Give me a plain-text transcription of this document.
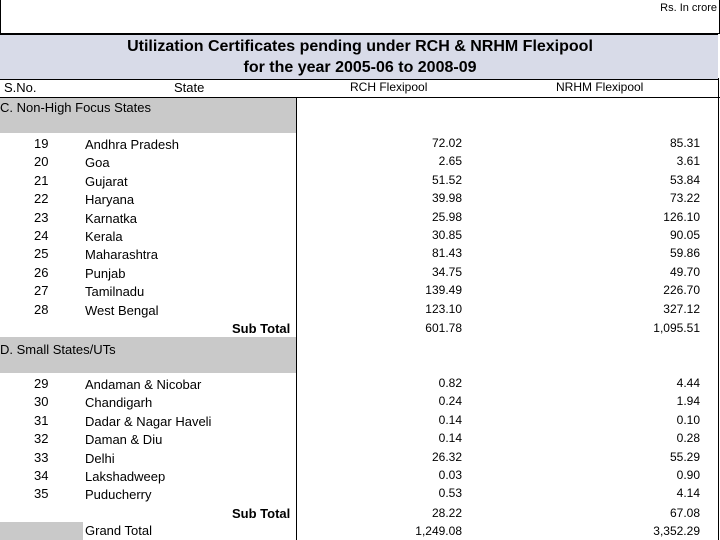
Rs. In crore
Utilization Certificates pending under RCH & NRHM Flexipool
for the year 2005-06 to 2008-09
S.No.	State	RCH Flexipool	NRHM Flexipool
C. Non-High Focus States
19	Andhra Pradesh	72.02	85.31
20	Goa	2.65	3.61
21	Gujarat	51.52	53.84
22	Haryana	39.98	73.22
23	Karnatka	25.98	126.10
24	Kerala	30.85	90.05
25	Maharashtra	81.43	59.86
26	Punjab	34.75	49.70
27	Tamilnadu	139.49	226.70
28	West Bengal	123.10	327.12
Sub Total	601.78	1,095.51
D. Small States/UTs
29	Andaman & Nicobar	0.82	4.44
30	Chandigarh	0.24	1.94
31	Dadar & Nagar Haveli	0.14	0.10
32	Daman & Diu	0.14	0.28
33	Delhi	26.32	55.29
34	Lakshadweep	0.03	0.90
35	Puducherry	0.53	4.14
Sub Total	28.22	67.08
Grand Total	1,249.08	3,352.29
